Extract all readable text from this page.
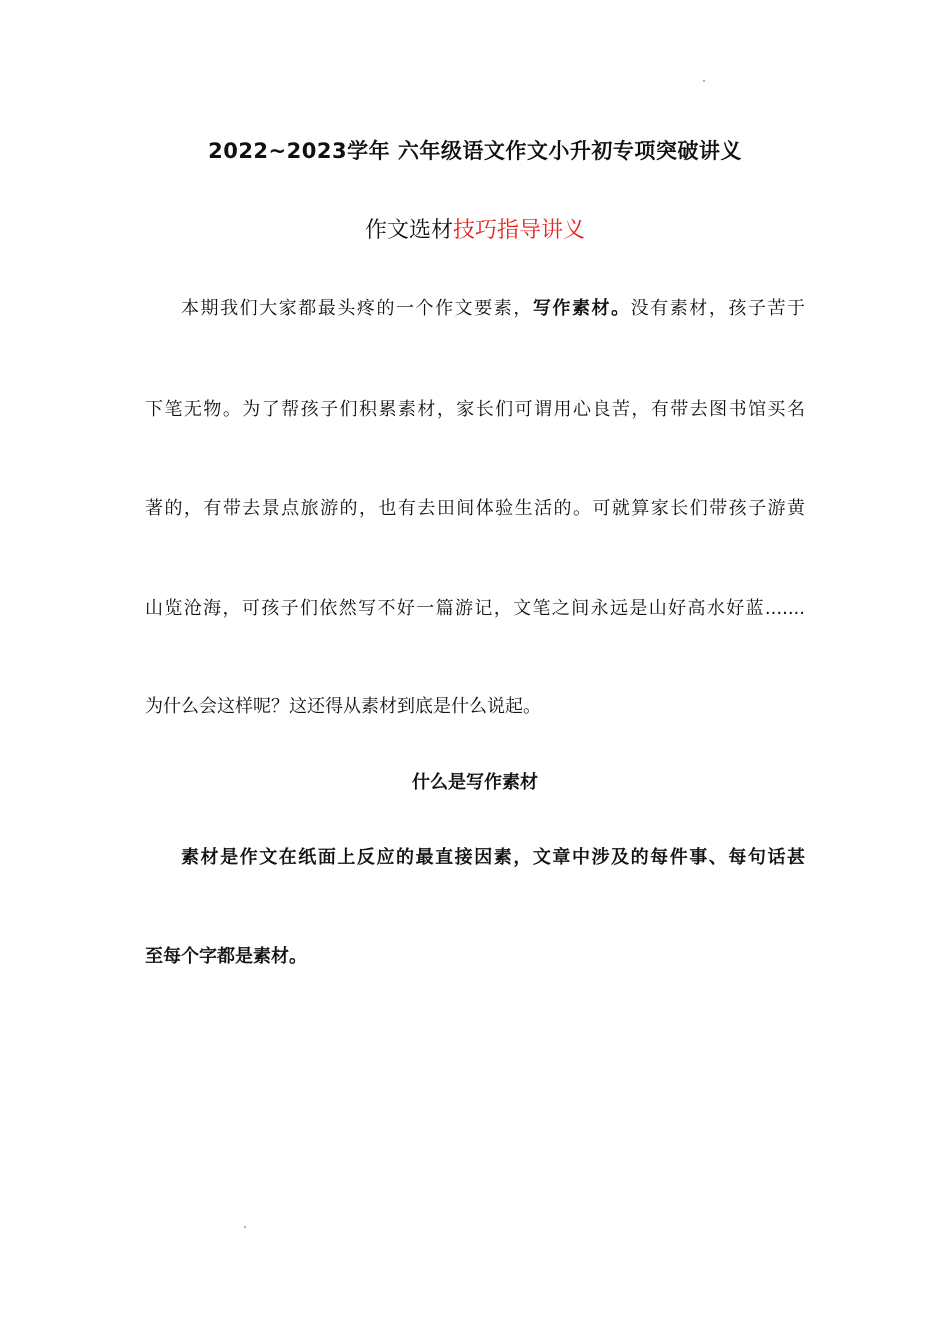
2022~2023学年 六年级语文作文小升初专项突破讲义
作文选材技巧指导讲义
本期我们大家都最头疼的一个作文要素，写作素材。没有素材，孩子苦于
下笔无物。为了帮孩子们积累素材，家长们可谓用心良苦，有带去图书馆买名
著的，有带去景点旅游的，也有去田间体验生活的。可就算家长们带孩子游黄
山览沧海，可孩子们依然写不好一篇游记，文笔之间永远是山好高水好蓝.......
为什么会这样呢？这还得从素材到底是什么说起。
什么是写作素材
素材是作文在纸面上反应的最直接因素，文章中涉及的每件事、每句话甚
至每个字都是素材。
